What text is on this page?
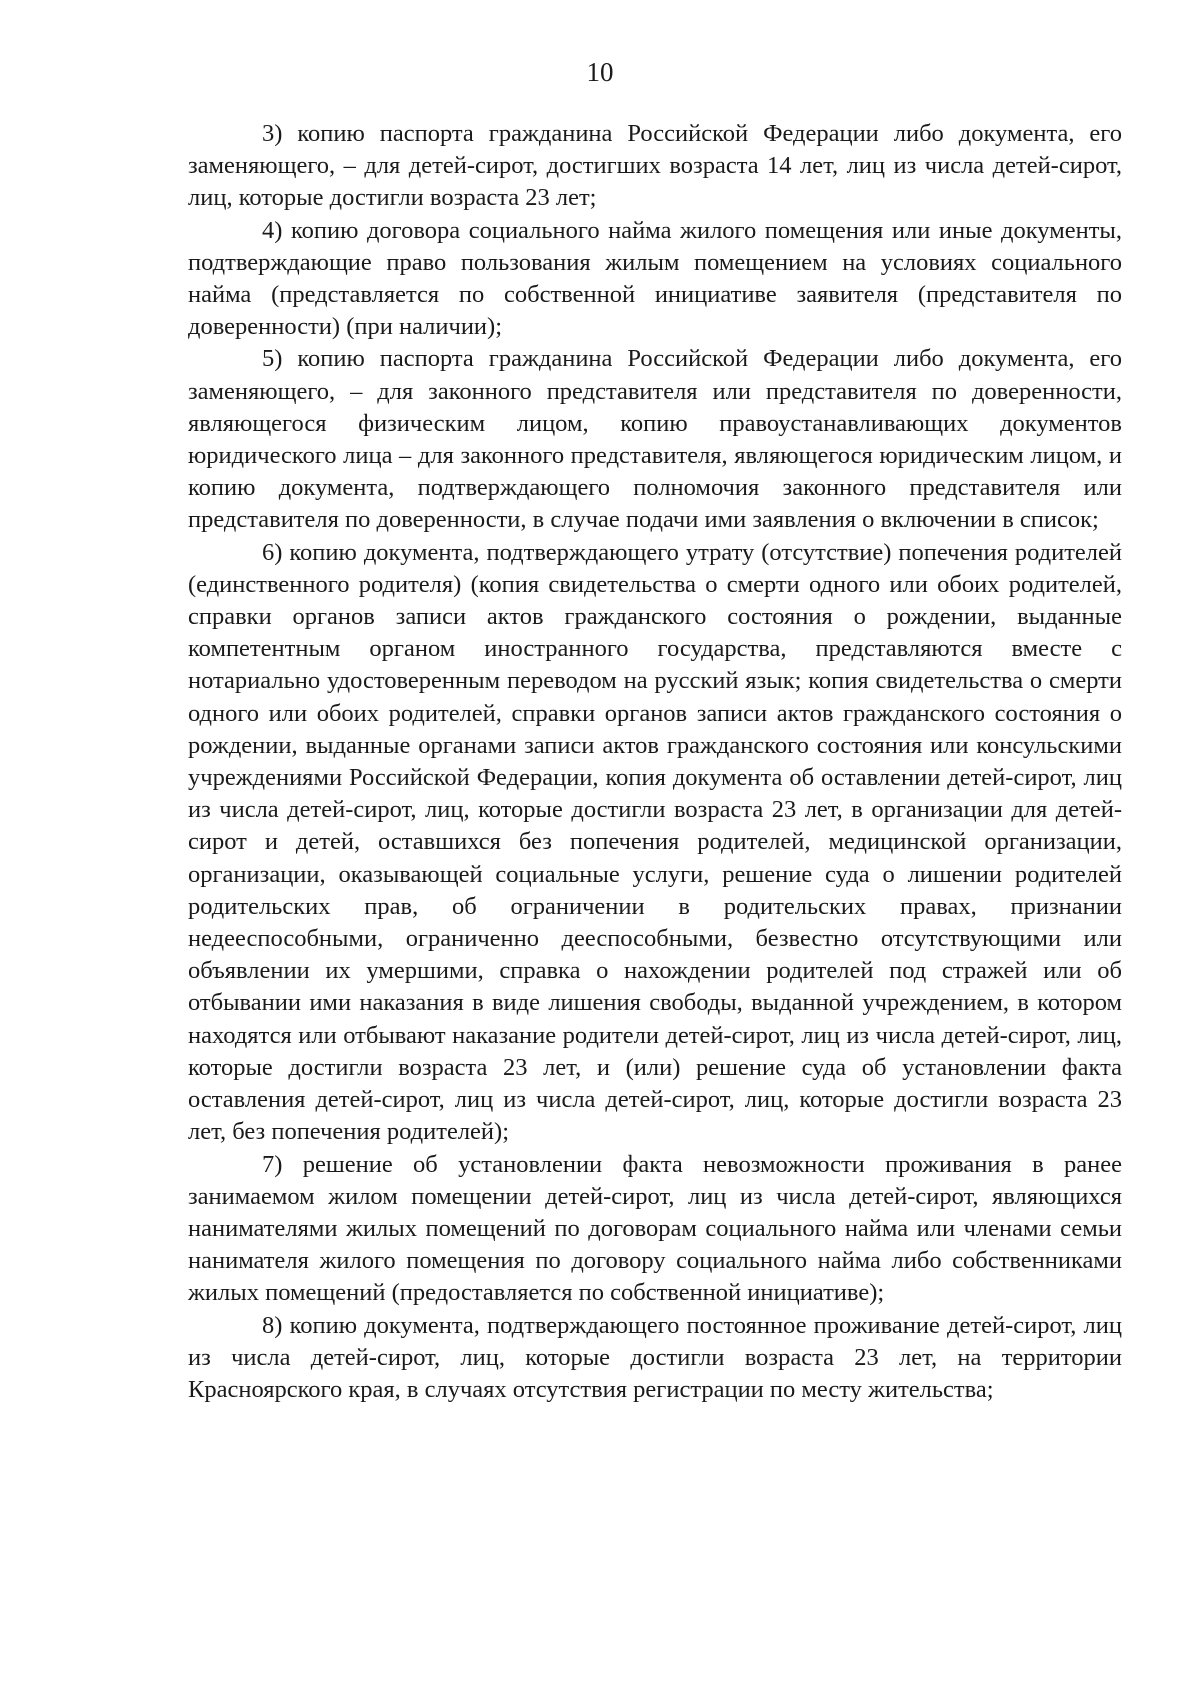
10

3) копию паспорта гражданина Российской Федерации либо документа, его заменяющего, – для детей-сирот, достигших возраста 14 лет, лиц из числа детей-сирот, лиц, которые достигли возраста 23 лет;

4) копию договора социального найма жилого помещения или иные документы, подтверждающие право пользования жилым помещением на условиях социального найма (представляется по собственной инициативе заявителя (представителя по доверенности) (при наличии);

5) копию паспорта гражданина Российской Федерации либо документа, его заменяющего, – для законного представителя или представителя по доверенности, являющегося физическим лицом, копию правоустанавливающих документов юридического лица – для законного представителя, являющегося юридическим лицом, и копию документа, подтверждающего полномочия законного представителя или представителя по доверенности, в случае подачи ими заявления о включении в список;

6) копию документа, подтверждающего утрату (отсутствие) попечения родителей (единственного родителя) (копия свидетельства о смерти одного или обоих родителей, справки органов записи актов гражданского состояния о рождении, выданные компетентным органом иностранного государства, представляются вместе с нотариально удостоверенным переводом на русский язык; копия свидетельства о смерти одного или обоих родителей, справки органов записи актов гражданского состояния о рождении, выданные органами записи актов гражданского состояния или консульскими учреждениями Российской Федерации, копия документа об оставлении детей-сирот, лиц из числа детей-сирот, лиц, которые достигли возраста 23 лет, в организации для детей-сирот и детей, оставшихся без попечения родителей, медицинской организации, организации, оказывающей социальные услуги, решение суда о лишении родителей родительских прав, об ограничении в родительских правах, признании недееспособными, ограниченно дееспособными, безвестно отсутствующими или объявлении их умершими, справка о нахождении родителей под стражей или об отбывании ими наказания в виде лишения свободы, выданной учреждением, в котором находятся или отбывают наказание родители детей-сирот, лиц из числа детей-сирот, лиц, которые достигли возраста 23 лет, и (или) решение суда об установлении факта оставления детей-сирот, лиц из числа детей-сирот, лиц, которые достигли возраста 23 лет, без попечения родителей);

7) решение об установлении факта невозможности проживания в ранее занимаемом жилом помещении детей-сирот, лиц из числа детей-сирот, являющихся нанимателями жилых помещений по договорам социального найма или членами семьи нанимателя жилого помещения по договору социального найма либо собственниками жилых помещений (предоставляется по собственной инициативе);

8) копию документа, подтверждающего постоянное проживание детей-сирот, лиц из числа детей-сирот, лиц, которые достигли возраста 23 лет, на территории Красноярского края, в случаях отсутствия регистрации по месту жительства;
